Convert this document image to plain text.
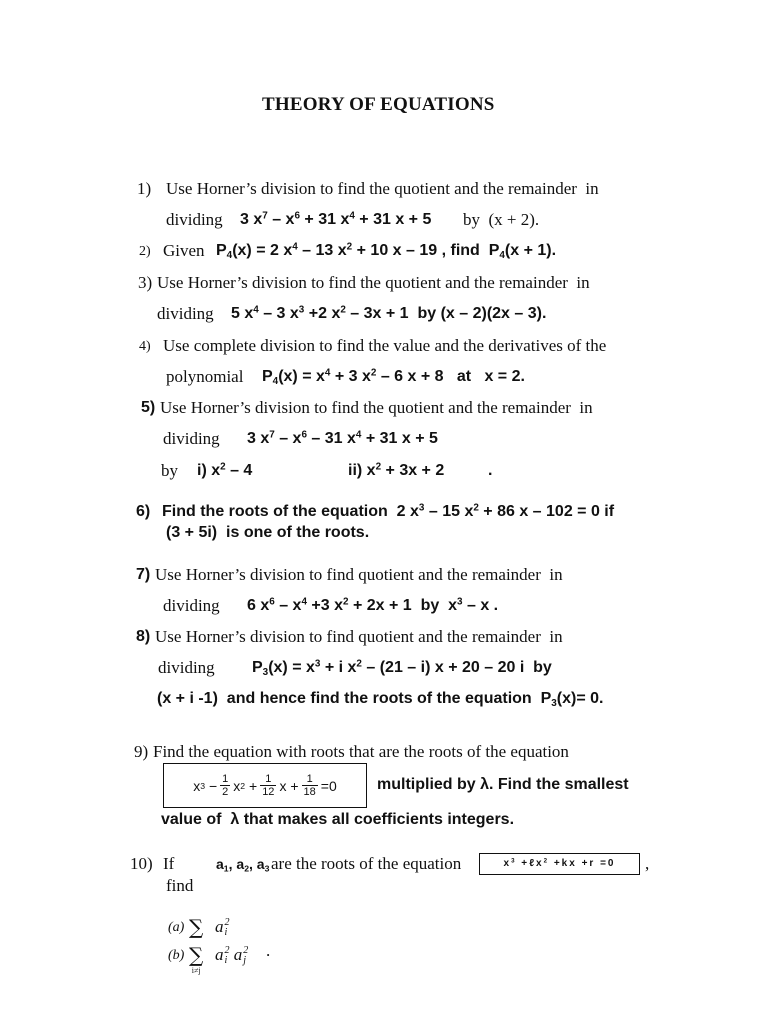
THEORY OF EQUATIONS
1) Use Horner’s division to find the quotient and the remainder  in
dividing 3 $x^7 - x^6 + 31$ $x^4 + 31$ x + 5 by  (x + 2).
2) Given $P_4(x) = 2$ $x^4 - 13$ $x^2 + 10$ x – 19 , find  $P_4(x + 1)$.
3) Use Horner’s division to find the quotient and the remainder  in
dividing 5 $x^4 - 3$ $x^3 +2$ $x^2 - 3x + 1$  by (x – 2)(2x – 3).
4) Use complete division to find the value and the derivatives of the
polynomial $P_4(x) = x^4 + 3$ $x^2 - 6$ x + 8   at   x = 2.
5) Use Horner’s division to find the quotient and the remainder  in
dividing 3 $x^7 - x^6 - 31$ $x^4 + 31$ x + 5
by i) $x^2 - 4$	ii) $x^2 + 3x + 2$	.
6) Find the roots of the equation  2 $x^3 - 15$ $x^2 + 86$ x – 102 = 0 if
(3 + 5i)  is one of the roots.
7) Use Horner’s division to find quotient and the remainder  in
dividing 6 $x^6 - x^4 +3$ $x^2 + 2x + 1$  by  $x^3$ – x .
8) Use Horner’s division to find quotient and the remainder  in
dividing $P_3(x) = x^3 + i$ $x^2 - (21 - i) x + 20 - 20$ i  by
(x + i -1)  and hence find the roots of the equation  $P_3(x)= 0$.
9) Find the equation with roots that are the roots of the equation
x $3 - \frac{1}{2}$ x $2 + \frac{1}{12}$ $x + \frac{1}{18} =0$	multiplied by λ. Find the smallest
value of  λ that makes all coefficients integers.
10) If	$a_1$, $a_2$, $a_3$ are the roots of the equation	$x^3$ +ℓx$^2$ +kx +r =0 ,
find
(a) ∑ a 2
i
(b) ∑
i≠j
a 2
i a 2
j
.
